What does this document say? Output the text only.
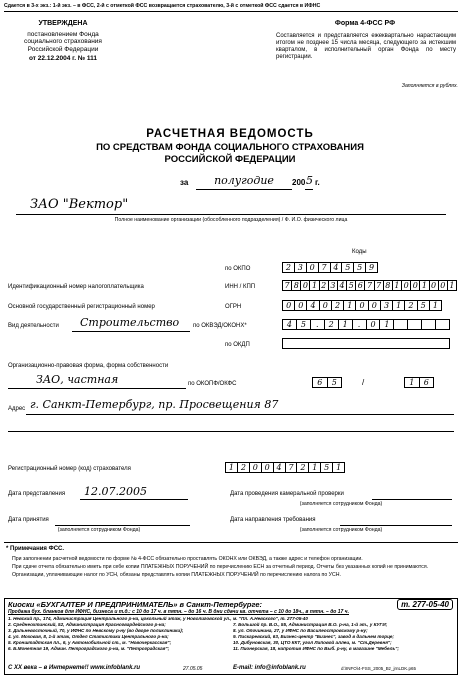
Сдается в 3-х экз.: 1-й экз. – в ФСС, 2-й с отметкой ФСС возвращается страхователю, 3-й с отметкой ФСС сдается в ИФНС
УТВЕРЖДЕНА
постановлением Фонда
социального страхования
Российской Федерации
от 22.12.2004 г. № 111
Форма 4-ФСС РФ
Составляется и представляется ежеквартально нарастающим итогом не позднее 15 числа месяца, следующего за истекшим кварталом, в исполнительный орган Фонда по месту регистрации.
Заполняется в рублях.
РАСЧЕТНАЯ ВЕДОМОСТЬ
ПО СРЕДСТВАМ ФОНДА СОЦИАЛЬНОГО СТРАХОВАНИЯ
РОССИЙСКОЙ ФЕДЕРАЦИИ
за	полугодие	200 5 г.
ЗАО "Вектор"
Полное наименование организации (обособленного подразделения) / Ф. И.О. физического лица
Коды
по ОКПО	2 3 0 7 4 5 5 9
Идентификационный номер налогоплательщика	ИНН / КПП	7 8 0 1 2 3 4 5 6 7 7 8 1 0 0 1 0 0 1
Основной государственный регистрационный номер	ОГРН	0 0 4 0 2 1 0 0 3 1 2 5 1
Вид деятельности Строительство по ОКВЭД/ОКОНХ*	4	5	.	2	1	.	0	1
по ОКДП
Организационно-правовая форма, форма собственности
ЗАО, частная	по ОКОПФ/ОКФС	6	5	/	1	6
Адрес г. Санкт-Петербург, пр. Просвещения 87
Регистрационный номер (код) страхователя	1 2 0 0 4 7 2 1 5 1
Дата представления 12.07.2005	Дата проведения камеральной проверки
(заполняется сотрудником Фонда)
Дата принятия
(заполняется сотрудником Фонда)
Дата направления требования
(заполняется сотрудником Фонда)
* Примечания ФСС.
При заполнении расчетной ведомости по форме № 4-ФСС обязательно проставлять ОКОНХ или ОКВЭД, а также адрес и телефон организации.
При сдаче отчета обязательно иметь при себе копии ПЛАТЕЖНЫХ ПОРУЧЕНИЙ по перечислению ЕСН за отчетный период. Отчеты без указанных копий не принимаются.
Организации, уплачивающие налог по УСН, обязаны представлять копии ПЛАТЕЖНЫХ ПОРУЧЕНИЙ по перечислению налога по УСН.
Киоски «БУХГАЛТЕР И ПРЕДПРИНИМАТЕЛЬ» в Санкт-Петербурге:	т. 277-05-40
Продажа бух. бланков для ИФНС, бизнеса и т.д.: с 10 до 17 ч. в пятн. – до 16 ч. В дни сдачи кв. отчета – с 10 до 18ч., в пятн. – до 17 ч.
1. Невский пр., 174, Администрация Центрального р-на, цокольный этаж, у Новолиговской ул., м. "Пл. А.Невского", т. 277-05-40
2. Среднеохтинский, 52, Администрация Красногвардейского р-на;
3. Дальневосточный, 70, у ИФНС по Невскому р-ну (во дворе поликлиники);
4. ул. Моховая, 8, 1-й этаж, Отдел Статистики Центрального р-на;
5. Кронштадтская пл., 6, у Автомобильной ст., м. "Новочеркасская";
6. Б.Монетная 19, Админ. Петроградского р-на, м. "Петроградская";
7. Большой пр. В.О., 55, Администрация В.О. р-на, 1-й эт., у КУГИ;
8. ул. Опочинина, 27, у ИФНС по Василеостровскому р-ну;
9. Пискаревский, 63, Бизнес-центр "Бизнес", завод в дальнем торце;
10. Дибуновская, 30, ЦТО ККТ, угол Липовой аллеи, м. "Ст.Деревня";
11. Пионерская, 18, напротив ИФНС по Выб. р-ну, в магазине "Мебель";
С XX века – в Интернете!! www.infoblank.ru	27.05.05	E-mail: info@infoblank.ru	d:\INFO\4-FSS_2005_Bz_jrnLDK.p65
